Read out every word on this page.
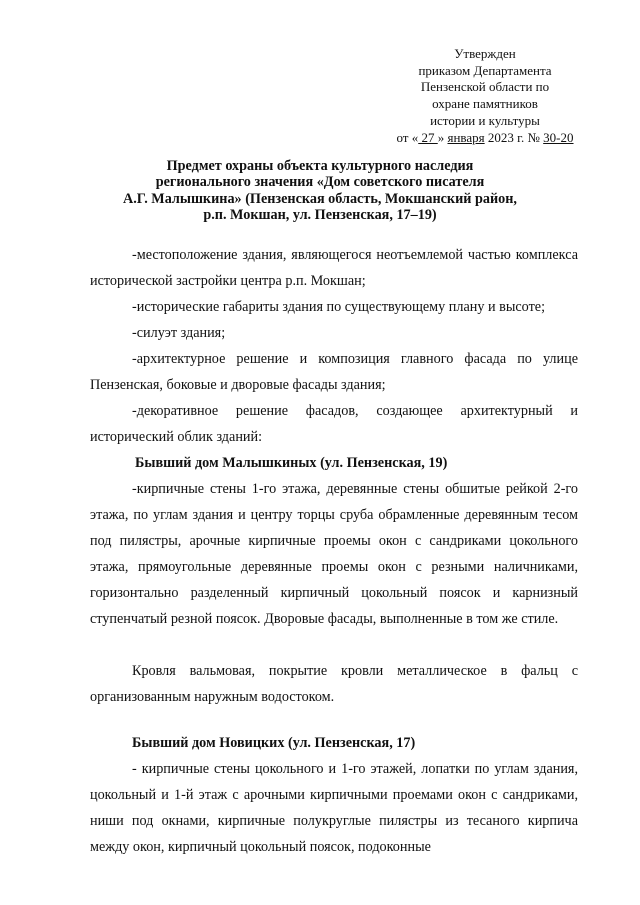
Утвержден
приказом Департамента
Пензенской области по
охране памятников
истории и культуры
от « 27 » января 2023 г. № 30-20
Предмет охраны объекта культурного наследия
регионального значения «Дом советского писателя
А.Г. Малышкина» (Пензенская область, Мокшанский район,
р.п. Мокшан, ул. Пензенская, 17–19)

-местоположение здания, являющегося неотъемлемой частью комплекса исторической застройки центра р.п. Мокшан;

-исторические габариты здания по существующему плану и высоте;

-силуэт здания;

-архитектурное решение и композиция главного фасада по улице Пензенская, боковые и дворовые фасады здания;

-декоративное решение фасадов, создающее архитектурный и исторический облик зданий:

Бывший дом Малышкиных (ул. Пензенская, 19)

-кирпичные стены 1-го этажа, деревянные стены обшитые рейкой 2-го этажа, по углам здания и центру торцы сруба обрамленные деревянным тесом под пилястры, арочные кирпичные проемы окон с сандриками цокольного этажа, прямоугольные деревянные проемы окон с резными наличниками, горизонтально разделенный кирпичный цокольный поясок и карнизный ступенчатый резной поясок. Дворовые фасады, выполненные в том же стиле.

Кровля вальмовая, покрытие кровли металлическое в фальц с организованным наружным водостоком.

Бывший дом Новицких (ул. Пензенская, 17)

- кирпичные стены цокольного и 1-го этажей, лопатки по углам здания, цокольный и 1-й этаж с арочными кирпичными проемами окон с сандриками, ниши под окнами, кирпичные полукруглые пилястры из тесаного кирпича между окон, кирпичный цокольный поясок, подоконные
